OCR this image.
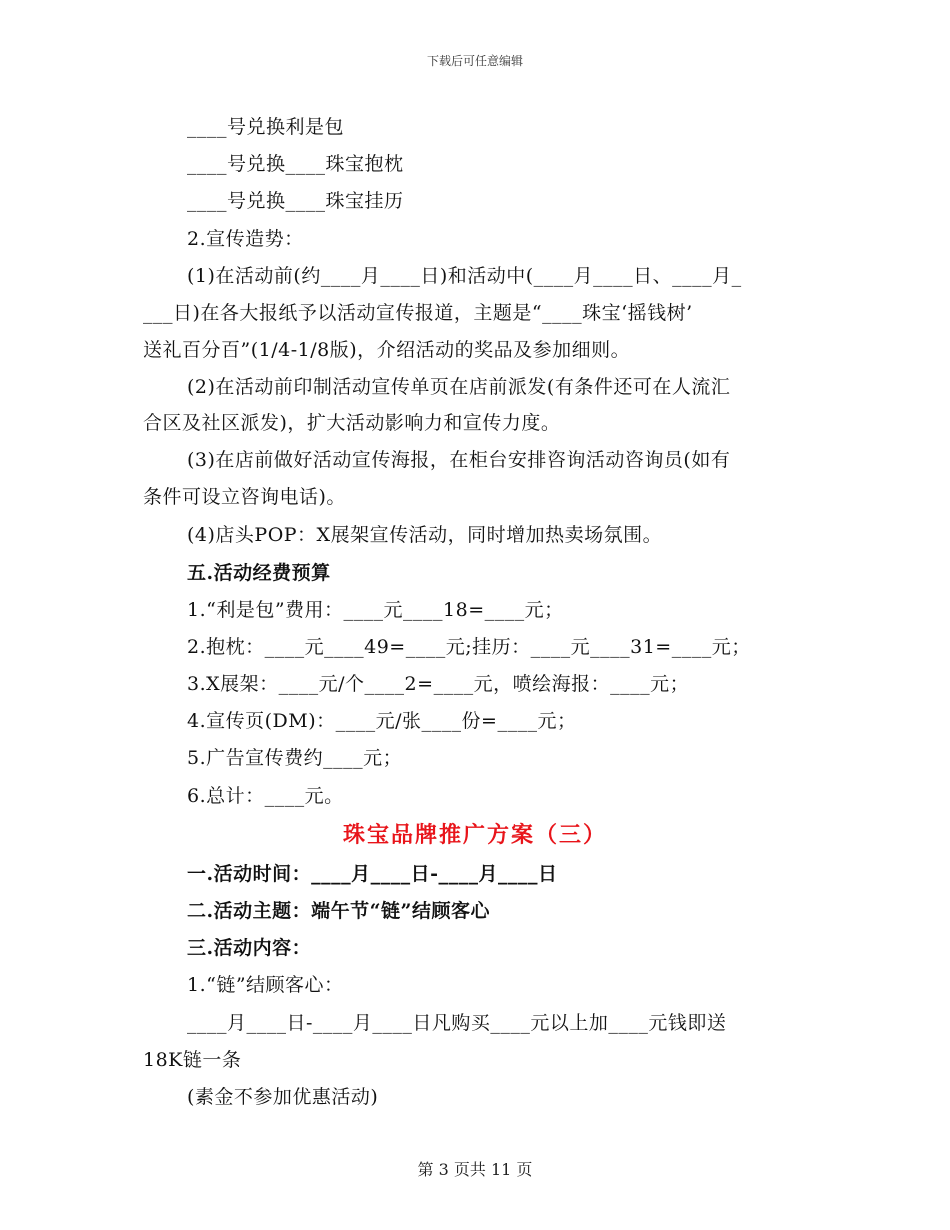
下载后可任意编辑
____号兑换利是包
____号兑换____珠宝抱枕
____号兑换____珠宝挂历
2.宣传造势：
(1)在活动前(约____月____日)和活动中(____月____日、____月_
___日)在各大报纸予以活动宣传报道，主题是“____珠宝‘摇钱树’
送礼百分百”(1/4-1/8版)，介绍活动的奖品及参加细则。
(2)在活动前印制活动宣传单页在店前派发(有条件还可在人流汇
合区及社区派发)，扩大活动影响力和宣传力度。
(3)在店前做好活动宣传海报，在柜台安排咨询活动咨询员(如有
条件可设立咨询电话)。
(4)店头POP：X展架宣传活动，同时增加热卖场氛围。
五.活动经费预算
1.“利是包”费用：____元____18=____元；
2.抱枕：____元____49=____元;挂历：____元____31=____元；
3.X展架：____元/个____2=____元，喷绘海报：____元；
4.宣传页(DM)：____元/张____份=____元；
5.广告宣传费约____元；
6.总计：____元。
珠宝品牌推广方案（三）
一.活动时间：____月____日-____月____日
二.活动主题：端午节“链”结顾客心
三.活动内容：
1.“链”结顾客心：
____月____日-____月____日凡购买____元以上加____元钱即送
18K链一条
(素金不参加优惠活动)
第 3 页共 11 页
